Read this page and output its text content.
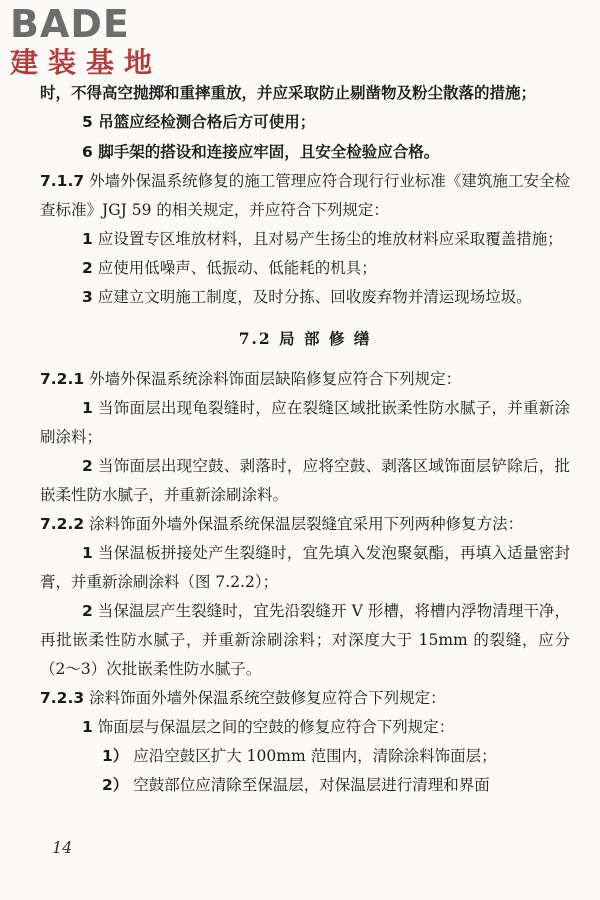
BADE
建装基地

时，不得高空抛掷和重摔重放，并应采取防止剔凿物及粉尘散落的措施；

5 吊篮应经检测合格后方可使用；

6 脚手架的搭设和连接应牢固，且安全检验应合格。

7.1.7 外墙外保温系统修复的施工管理应符合现行行业标准《建筑施工安全检查标准》JGJ 59 的相关规定，并应符合下列规定：

1 应设置专区堆放材料，且对易产生扬尘的堆放材料应采取覆盖措施；

2 应使用低噪声、低振动、低能耗的机具；

3 应建立文明施工制度，及时分拣、回收废弃物并清运现场垃圾。

7.2 局 部 修 缮

7.2.1 外墙外保温系统涂料饰面层缺陷修复应符合下列规定：

1 当饰面层出现龟裂缝时，应在裂缝区域批嵌柔性防水腻子，并重新涂刷涂料；

2 当饰面层出现空鼓、剥落时，应将空鼓、剥落区域饰面层铲除后，批嵌柔性防水腻子，并重新涂刷涂料。

7.2.2 涂料饰面外墙外保温系统保温层裂缝宜采用下列两种修复方法：

1 当保温板拼接处产生裂缝时，宜先填入发泡聚氨酯，再填入适量密封膏，并重新涂刷涂料（图 7.2.2）；

2 当保温层产生裂缝时，宜先沿裂缝开 V 形槽，将槽内浮物清理干净，再批嵌柔性防水腻子，并重新涂刷涂料；对深度大于 15mm 的裂缝，应分（2～3）次批嵌柔性防水腻子。

7.2.3 涂料饰面外墙外保温系统空鼓修复应符合下列规定：

1 饰面层与保温层之间的空鼓的修复应符合下列规定：

1） 应沿空鼓区扩大 100mm 范围内，清除涂料饰面层；

2） 空鼓部位应清除至保温层，对保温层进行清理和界面

14
